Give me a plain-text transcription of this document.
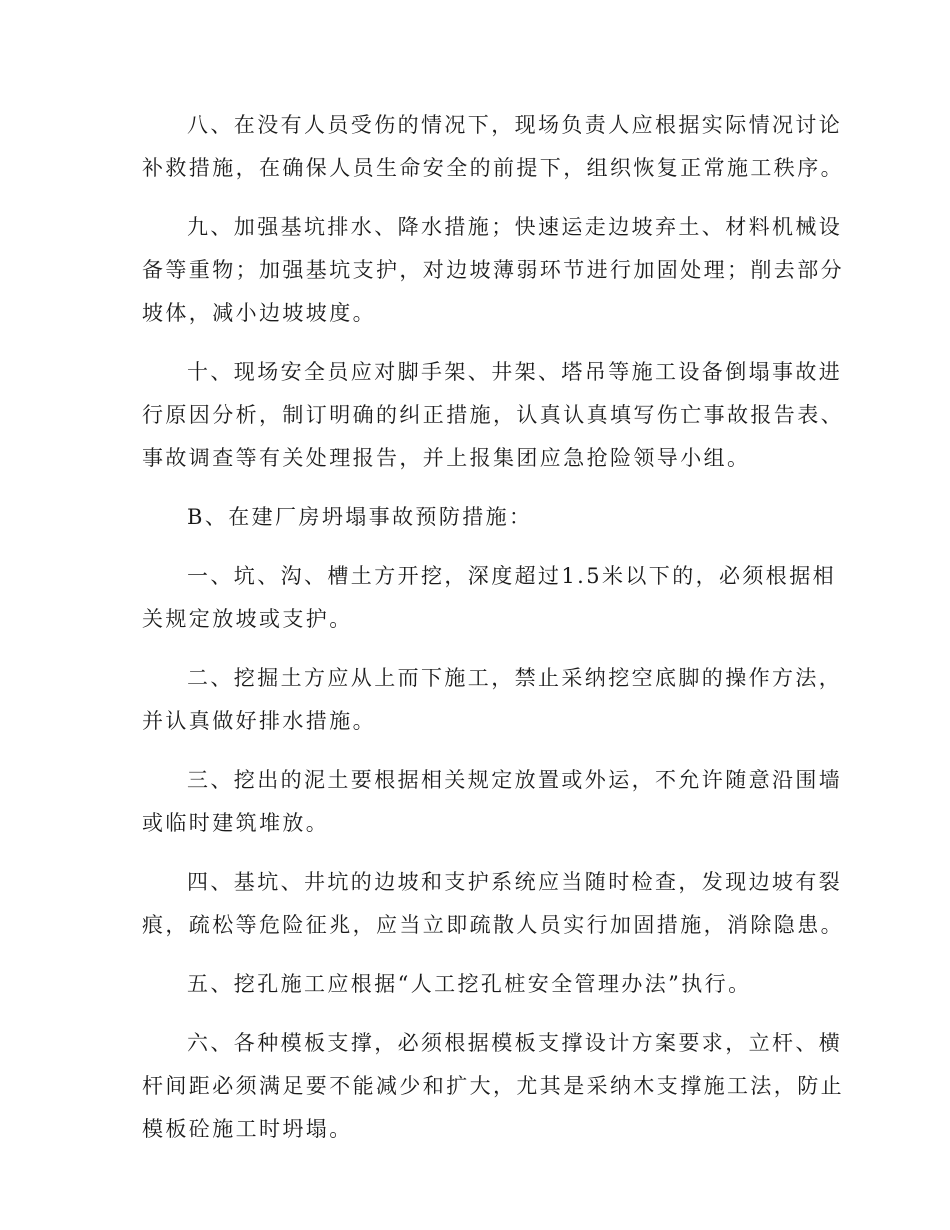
八、在没有人员受伤的情况下，现场负责人应根据实际情况讨论
补救措施，在确保人员生命安全的前提下，组织恢复正常施工秩序。
九、加强基坑排水、降水措施；快速运走边坡弃土、材料机械设
备等重物；加强基坑支护，对边坡薄弱环节进行加固处理；削去部分
坡体，减小边坡坡度。
十、现场安全员应对脚手架、井架、塔吊等施工设备倒塌事故进
行原因分析，制订明确的纠正措施，认真认真填写伤亡事故报告表、
事故调查等有关处理报告，并上报集团应急抢险领导小组。
B、在建厂房坍塌事故预防措施：
一、坑、沟、槽土方开挖，深度超过1.5米以下的，必须根据相
关规定放坡或支护。
二、挖掘土方应从上而下施工，禁止采纳挖空底脚的操作方法，
并认真做好排水措施。
三、挖出的泥土要根据相关规定放置或外运，不允许随意沿围墙
或临时建筑堆放。
四、基坑、井坑的边坡和支护系统应当随时检查，发现边坡有裂
痕，疏松等危险征兆，应当立即疏散人员实行加固措施，消除隐患。
五、挖孔施工应根据“人工挖孔桩安全管理办法”执行。
六、各种模板支撑，必须根据模板支撑设计方案要求，立杆、横
杆间距必须满足要不能减少和扩大，尤其是采纳木支撑施工法，防止
模板砼施工时坍塌。
